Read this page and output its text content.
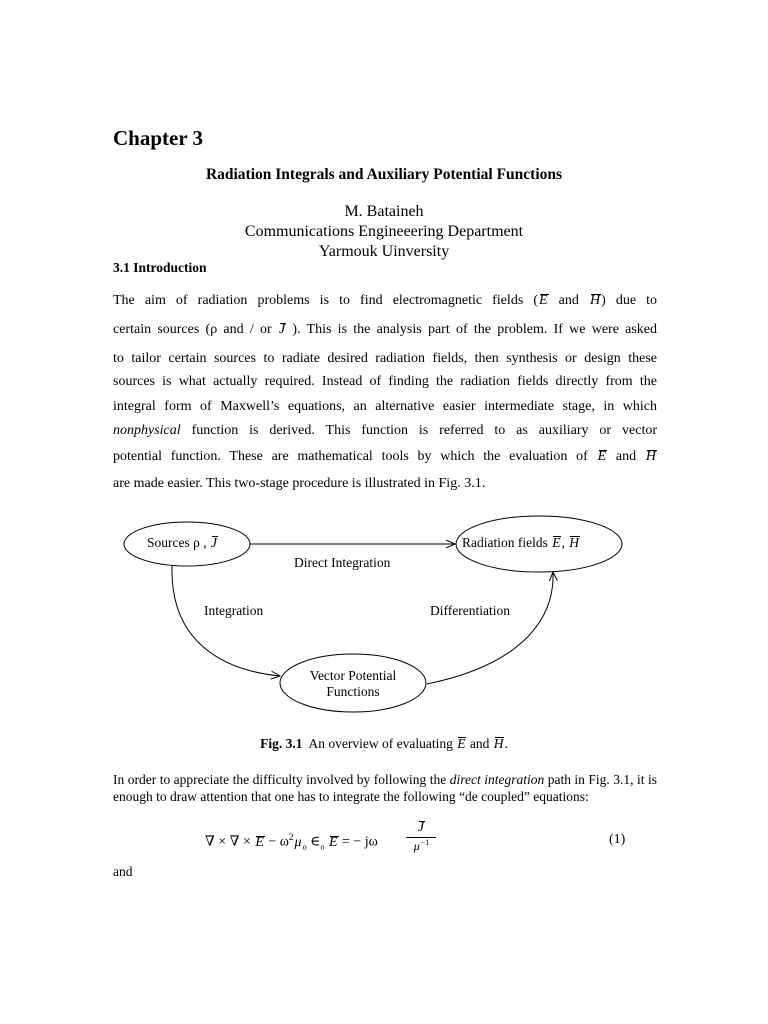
Chapter 3
Radiation Integrals and Auxiliary Potential Functions
M. Bataineh
Communications Engineeering Department
Yarmouk Uinversity
3.1 Introduction
The aim of radiation problems is to find electromagnetic fields (E and H) due to
certain sources (ρ and / or J ). This is the analysis part of the problem. If we were asked
to tailor certain sources to radiate desired radiation fields, then synthesis or design these
sources is what actually required. Instead of finding the radiation fields directly from the
integral form of Maxwell’s equations, an alternative easier intermediate stage, in which
nonphysical function is derived. This function is referred to as auxiliary or vector
potential function. These are mathematical tools by which the evaluation of E and H
are made easier. This two-stage procedure is illustrated in Fig. 3.1.
Sources ρ , J	Radiation fields E, H
Direct Integration
Integration	Differentiation
Vector Potential
Functions
Fig. 3.1 An overview of evaluating E and H.
In order to appreciate the difficulty involved by following the direct integration path in Fig. 3.1, it is enough to draw attention that one has to integrate the following “de coupled” equations:
∇ × ∇ × $E - \omega^2\mu_o$ $\in_o$ E = − jω
J
$\mu^{-1}$	(1)
and
